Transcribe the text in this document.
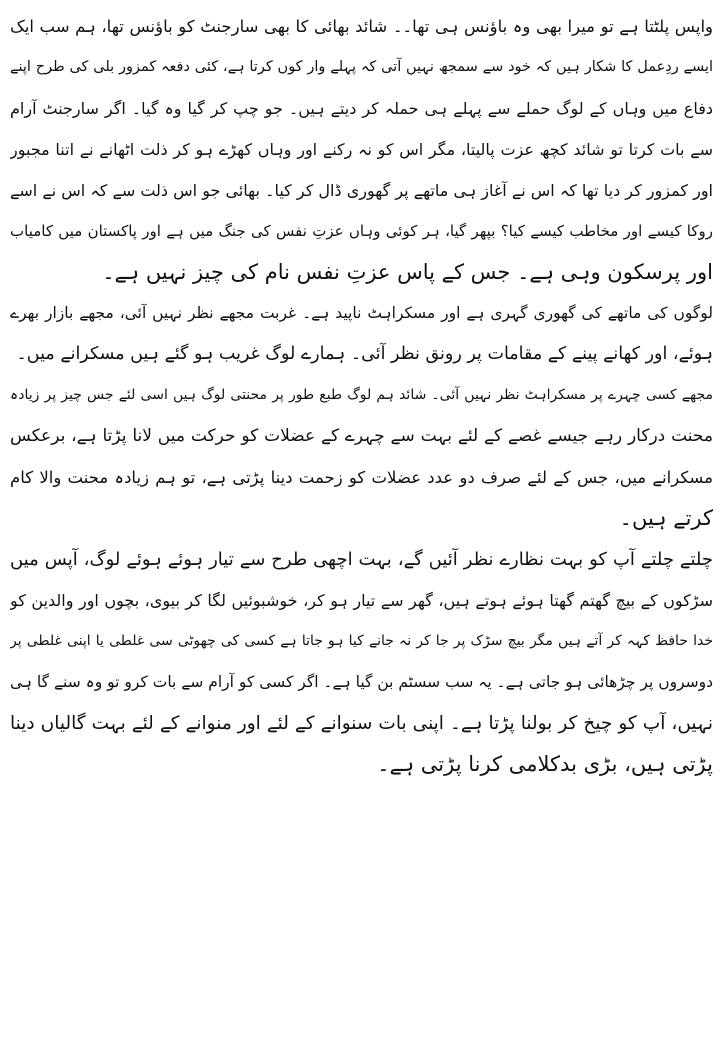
واپس پلٹتا ہے تو میرا بھی وہ باؤنس ہی تھا۔۔ شائد بھائی کا بھی سارجنٹ کو باؤنس تھا، ہم سب ایک
ایسے ردِعمل کا شکار ہیں کہ خود سے سمجھ نہیں آتی کہ پہلے وار کوں کرتا ہے، کئی دفعہ کمزور بلی کی طرح اپنے
دفاع میں وہاں کے لوگ حملے سے پہلے ہی حملہ کر دیتے ہیں۔ جو چپ کر گیا وہ گیا۔ اگر سارجنٹ آرام
سے بات کرتا تو شائد کچھ عزت پالیتا، مگر اس کو نہ رکنے اور وہاں کھڑے ہو کر ذلت اٹھانے نے اتنا مجبور
اور کمزور کر دیا تھا کہ اس نے آغاز ہی ماتھے پر گھوری ڈال کر کیا۔ بھائی جو اس ذلت سے کہ اس نے اسے
روکا کیسے اور مخاطب کیسے کیا؟ بپھر گیا، ہر کوئی وہاں عزتِ نفس کی جنگ میں ہے اور پاکستان میں کامیاب
اور پرسکون وہی ہے۔ جس کے پاس عزتِ نفس نام کی چیز نہیں ہے۔
لوگوں کی ماتھے کی گھوری گہری ہے اور مسکراہٹ ناپید ہے۔ غربت مجھے نظر نہیں آئی، مجھے بازار بھرے
ہوئے، اور کھانے پینے کے مقامات پر رونق نظر آئی۔ ہمارے لوگ غریب ہو گئے ہیں مسکرانے میں۔
مجھے کسی چہرے پر مسکراہٹ نظر نہیں آئی۔ شائد ہم لوگ طبع طور پر محنتی لوگ ہیں اسی لئے جس چیز پر زیادہ
محنت درکار رہے جیسے غصے کے لئے بہت سے چہرے کے عضلات کو حرکت میں لانا پڑتا ہے، برعکس
مسکرانے میں، جس کے لئے صرف دو عدد عضلات کو زحمت دینا پڑتی ہے، تو ہم زیادہ محنت والا کام
کرتے ہیں۔
چلتے چلتے آپ کو بہت نظارے نظر آئیں گے، بہت اچھی طرح سے تیار ہوئے ہوئے لوگ، آپس میں
سڑکوں کے بیچ گھتم گھتا ہوئے ہوتے ہیں، گھر سے تیار ہو کر، خوشبوئیں لگا کر بیوی، بچوں اور والدین کو
خدا حافظ کہہ کر آتے ہیں مگر بیچ سڑک پر جا کر نہ جانے کیا ہو جاتا ہے کسی کی چھوٹی سی غلطی یا اپنی غلطی پر
دوسروں پر چڑھائی ہو جاتی ہے۔ یہ سب سسٹم بن گیا ہے۔ اگر کسی کو آرام سے بات کرو تو وہ سنے گا ہی
نہیں، آپ کو چیخ کر بولنا پڑتا ہے۔ اپنی بات سنوانے کے لئے اور منوانے کے لئے بہت گالیاں دینا
پڑتی ہیں، بڑی بدکلامی کرنا پڑتی ہے۔
